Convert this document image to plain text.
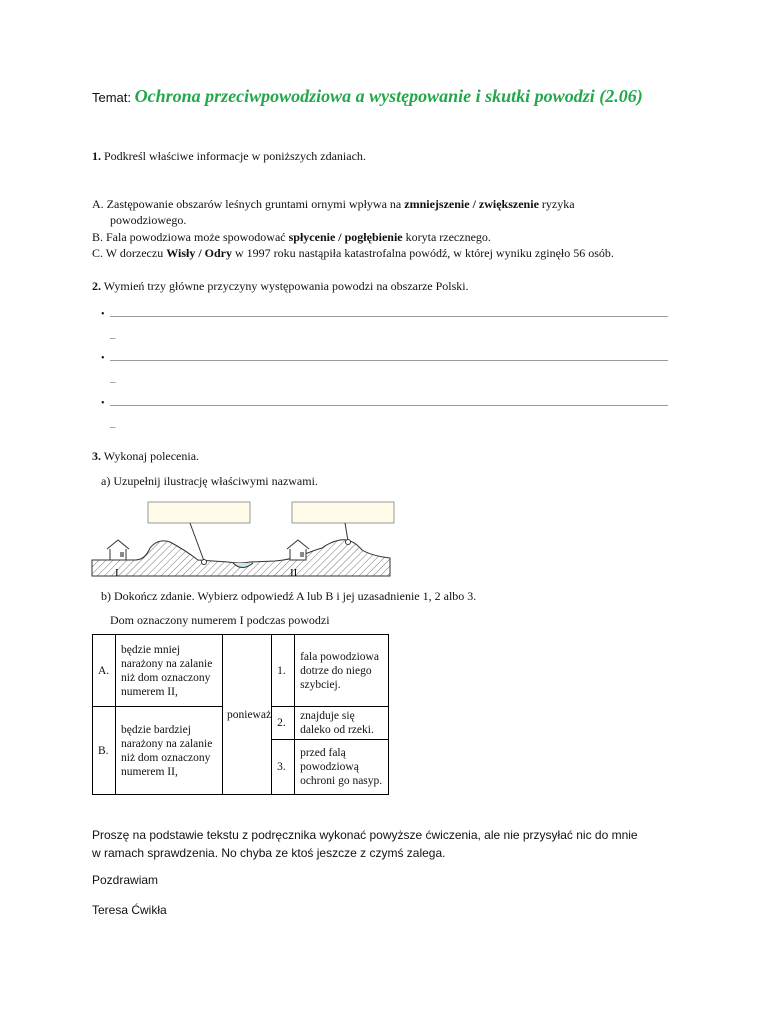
Temat: Ochrona przeciwpowodziowa a występowanie i skutki powodzi (2.06)
1. Podkreśl właściwe informacje w poniższych zdaniach.
A. Zastępowanie obszarów leśnych gruntami ornymi wpływa na zmniejszenie / zwiększenie ryzyka
powodziowego.
B. Fala powodziowa może spowodować spłycenie / pogłębienie koryta rzecznego.
C. W dorzeczu Wisły / Odry w 1997 roku nastąpiła katastrofalna powódź, w której wyniku zginęło 56 osób.
2. Wymień trzy główne przyczyny występowania powodzi na obszarze Polski.
•
_
•
_
•
_
3. Wykonaj polecenia.
a) Uzupełnij ilustrację właściwymi nazwami.
I	II
b) Dokończ zdanie. Wybierz odpowiedź A lub B i jej uzasadnienie 1, 2 albo 3.
Dom oznaczony numerem I podczas powodzi
A.	będzie mniej narażony na zalanie niż dom oznaczony numerem II,	ponieważ	1.	fala powodziowa dotrze do niego szybciej.
B.	będzie bardziej narażony na zalanie niż dom oznaczony numerem II,		2.	znajduje się daleko od rzeki.
			3.	przed falą powodziową ochroni go nasyp.
Proszę na podstawie tekstu z podręcznika wykonać powyższe ćwiczenia, ale nie przysyłać nic do mnie
w ramach sprawdzenia. No chyba ze ktoś jeszcze z czymś zalega.
Pozdrawiam
Teresa Ćwikła
